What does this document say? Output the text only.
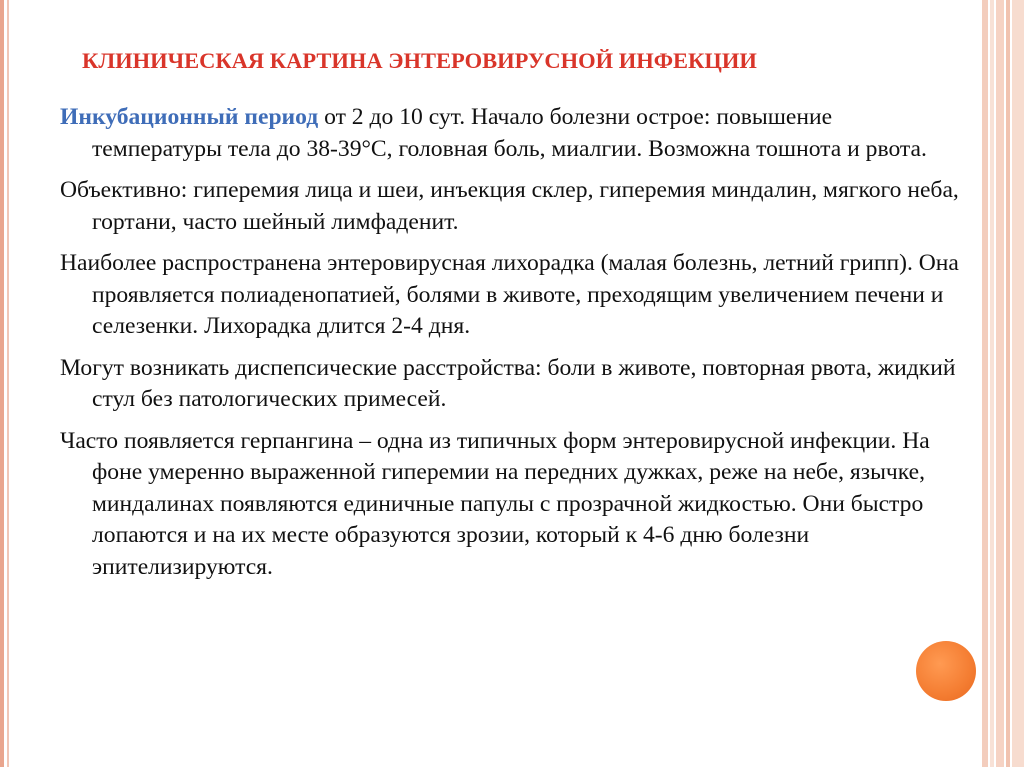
КЛИНИЧЕСКАЯ КАРТИНА ЭНТЕРОВИРУСНОЙ ИНФЕКЦИИ

Инкубационный период от 2 до 10 сут. Начало болезни острое: повышение температуры тела до 38-39°С, головная боль, миалгии. Возможна тошнота и рвота.

Объективно: гиперемия лица и шеи, инъекция склер, гиперемия миндалин, мягкого неба, гортани, часто шейный лимфаденит.

Наиболее распространена энтеровирусная лихорадка (малая болезнь, летний грипп). Она проявляется полиаденопатией, болями в животе, преходящим увеличением печени и селезенки. Лихорадка длится 2-4 дня.

Могут возникать диспепсические расстройства: боли в животе, повторная рвота, жидкий стул без патологических примесей.

Часто появляется герпангина – одна из типичных форм энтеровирусной инфекции. На фоне умеренно выраженной гиперемии на передних дужках, реже на небе, язычке, миндалинах появляются единичные папулы с прозрачной жидкостью. Они быстро лопаются и на их месте образуются зрозии, который к 4-6 дню болезни эпителизируются.
